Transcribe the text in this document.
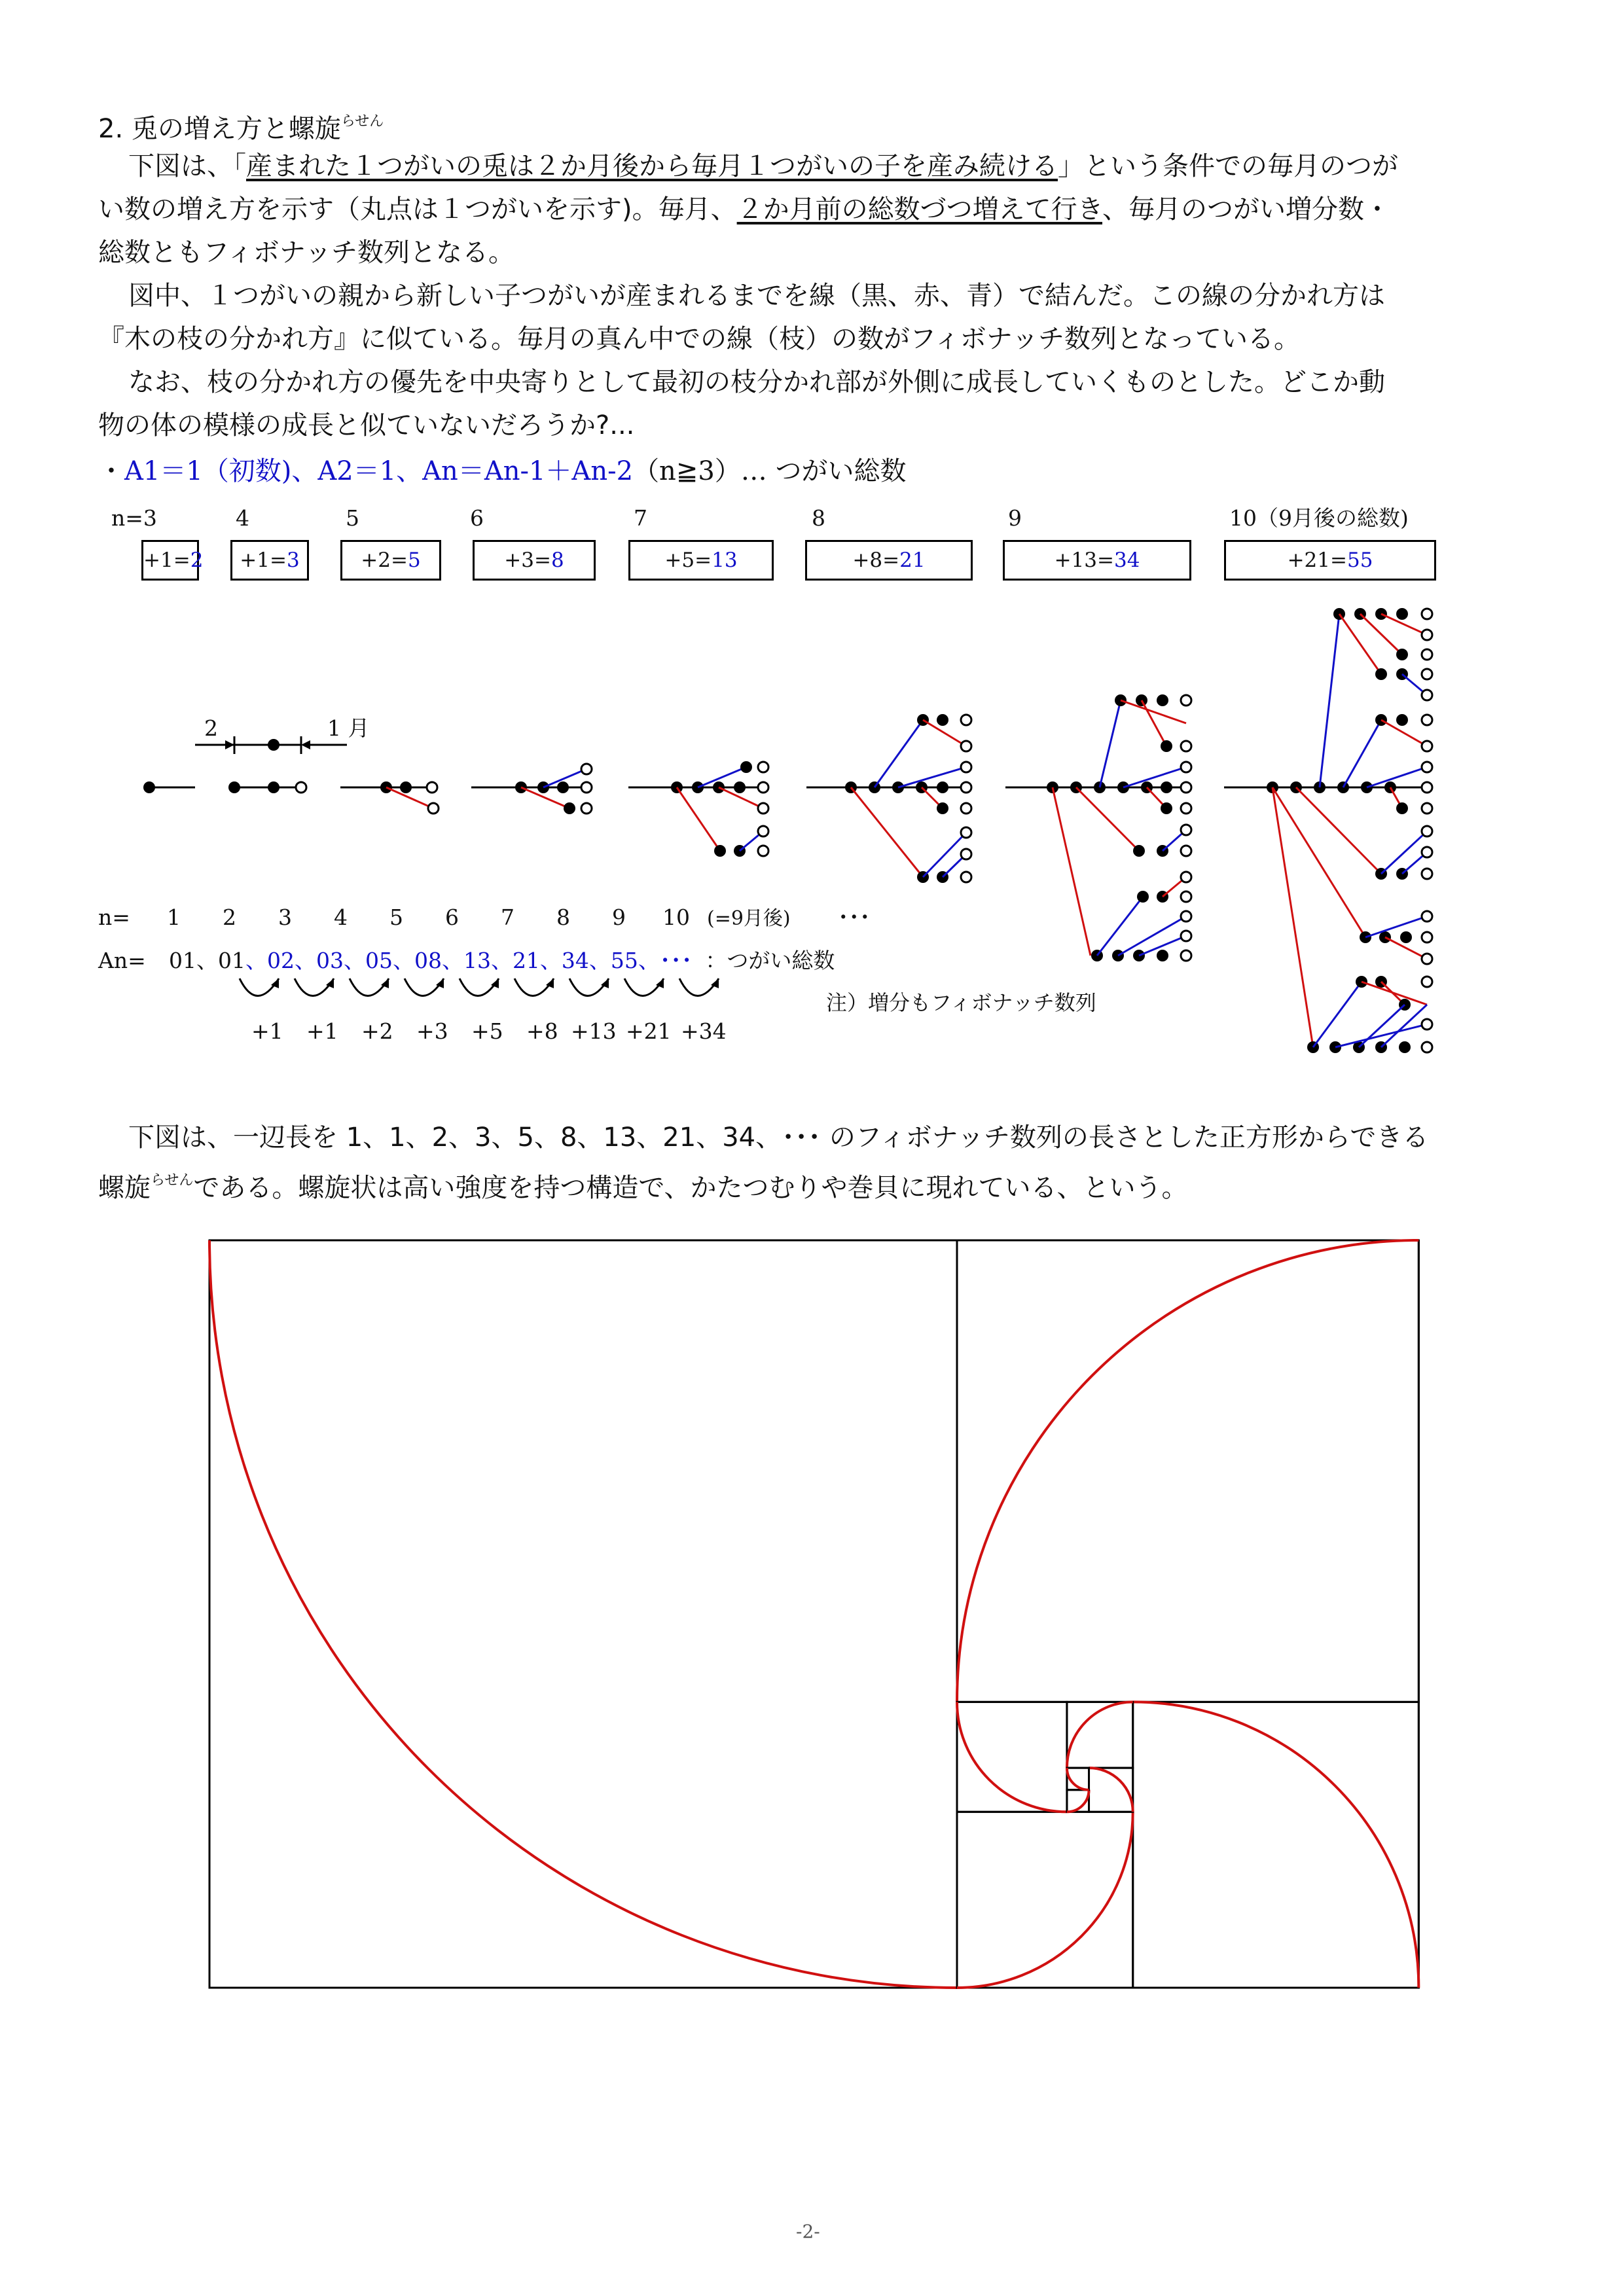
2. 兎の増え方と螺旋$^{らせん}$
下図は、「産まれた１つがいの兎は２か月後から毎月１つがいの子を産み続ける」という条件での毎月のつが
い数の増え方を示す（丸点は１つがいを示す)。毎月、２か月前の総数づつ増えて行き、毎月のつがい増分数・
総数ともフィボナッチ数列となる。
図中、１つがいの親から新しい子つがいが産まれるまでを線（黒、赤、青）で結んだ。この線の分かれ方は
『木の枝の分かれ方』に似ている。毎月の真ん中での線（枝）の数がフィボナッチ数列となっている。
なお、枝の分かれ方の優先を中央寄りとして最初の枝分かれ部が外側に成長していくものとした。どこか動
物の体の模様の成長と似ていないだろうか?...
・A1＝1（初数)、A2＝1、An＝An-1＋An-2（n≧3）… つがい総数
n=3	4	5	6	7	8	9	10（9月後の総数)
+1=2	+1=3	+2=5	+3=8	+5=13	+8=21	+13=34	+21=55
2	1 月
n= 1 2 3 4 5 6 7 8 9 10 (=9月後) ･･･
An= 01、01、02、03、05、08、13、21、34、55、･･･ ：つがい総数
+1 +1 +2 +3 +5 +8 +13 +21 +34
注）増分もフィボナッチ数列
下図は、一辺長を 1、1、2、3、5、8、13、21、34、･･･ のフィボナッチ数列の長さとした正方形からできる
螺旋$^{らせん}$である。螺旋状は高い強度を持つ構造で、かたつむりや巻貝に現れている、という。
-2-
